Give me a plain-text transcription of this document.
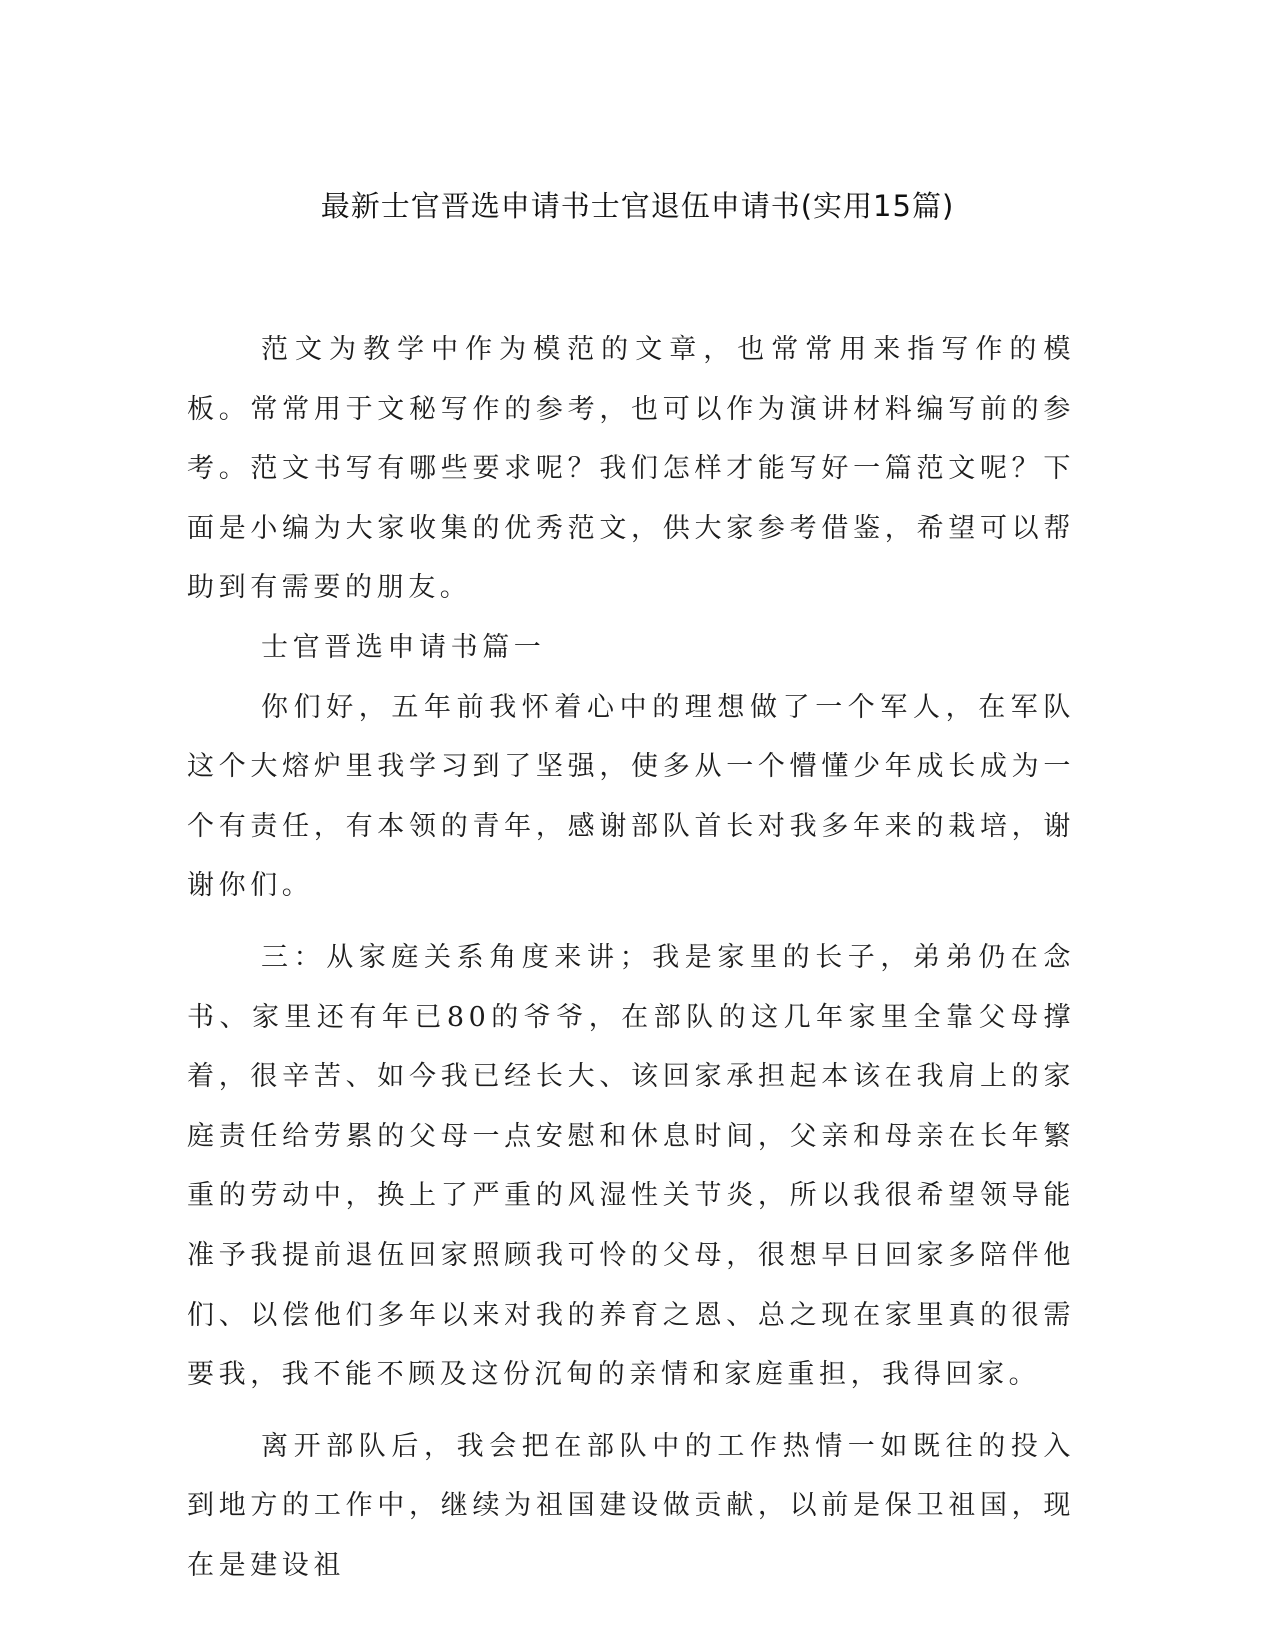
最新士官晋选申请书士官退伍申请书(实用15篇)

范文为教学中作为模范的文章，也常常用来指写作的模板。常常用于文秘写作的参考，也可以作为演讲材料编写前的参考。范文书写有哪些要求呢？我们怎样才能写好一篇范文呢？下面是小编为大家收集的优秀范文，供大家参考借鉴，希望可以帮助到有需要的朋友。

士官晋选申请书篇一

你们好，五年前我怀着心中的理想做了一个军人，在军队这个大熔炉里我学习到了坚强，使多从一个懵懂少年成长成为一个有责任，有本领的青年，感谢部队首长对我多年来的栽培，谢谢你们。

三：从家庭关系角度来讲；我是家里的长子，弟弟仍在念书、家里还有年已80的爷爷，在部队的这几年家里全靠父母撑着，很辛苦、如今我已经长大、该回家承担起本该在我肩上的家庭责任给劳累的父母一点安慰和休息时间，父亲和母亲在长年繁重的劳动中，换上了严重的风湿性关节炎，所以我很希望领导能准予我提前退伍回家照顾我可怜的父母，很想早日回家多陪伴他们、以偿他们多年以来对我的养育之恩、总之现在家里真的很需要我，我不能不顾及这份沉甸的亲情和家庭重担，我得回家。

离开部队后，我会把在部队中的工作热情一如既往的投入到地方的工作中，继续为祖国建设做贡献，以前是保卫祖国，现在是建设祖
